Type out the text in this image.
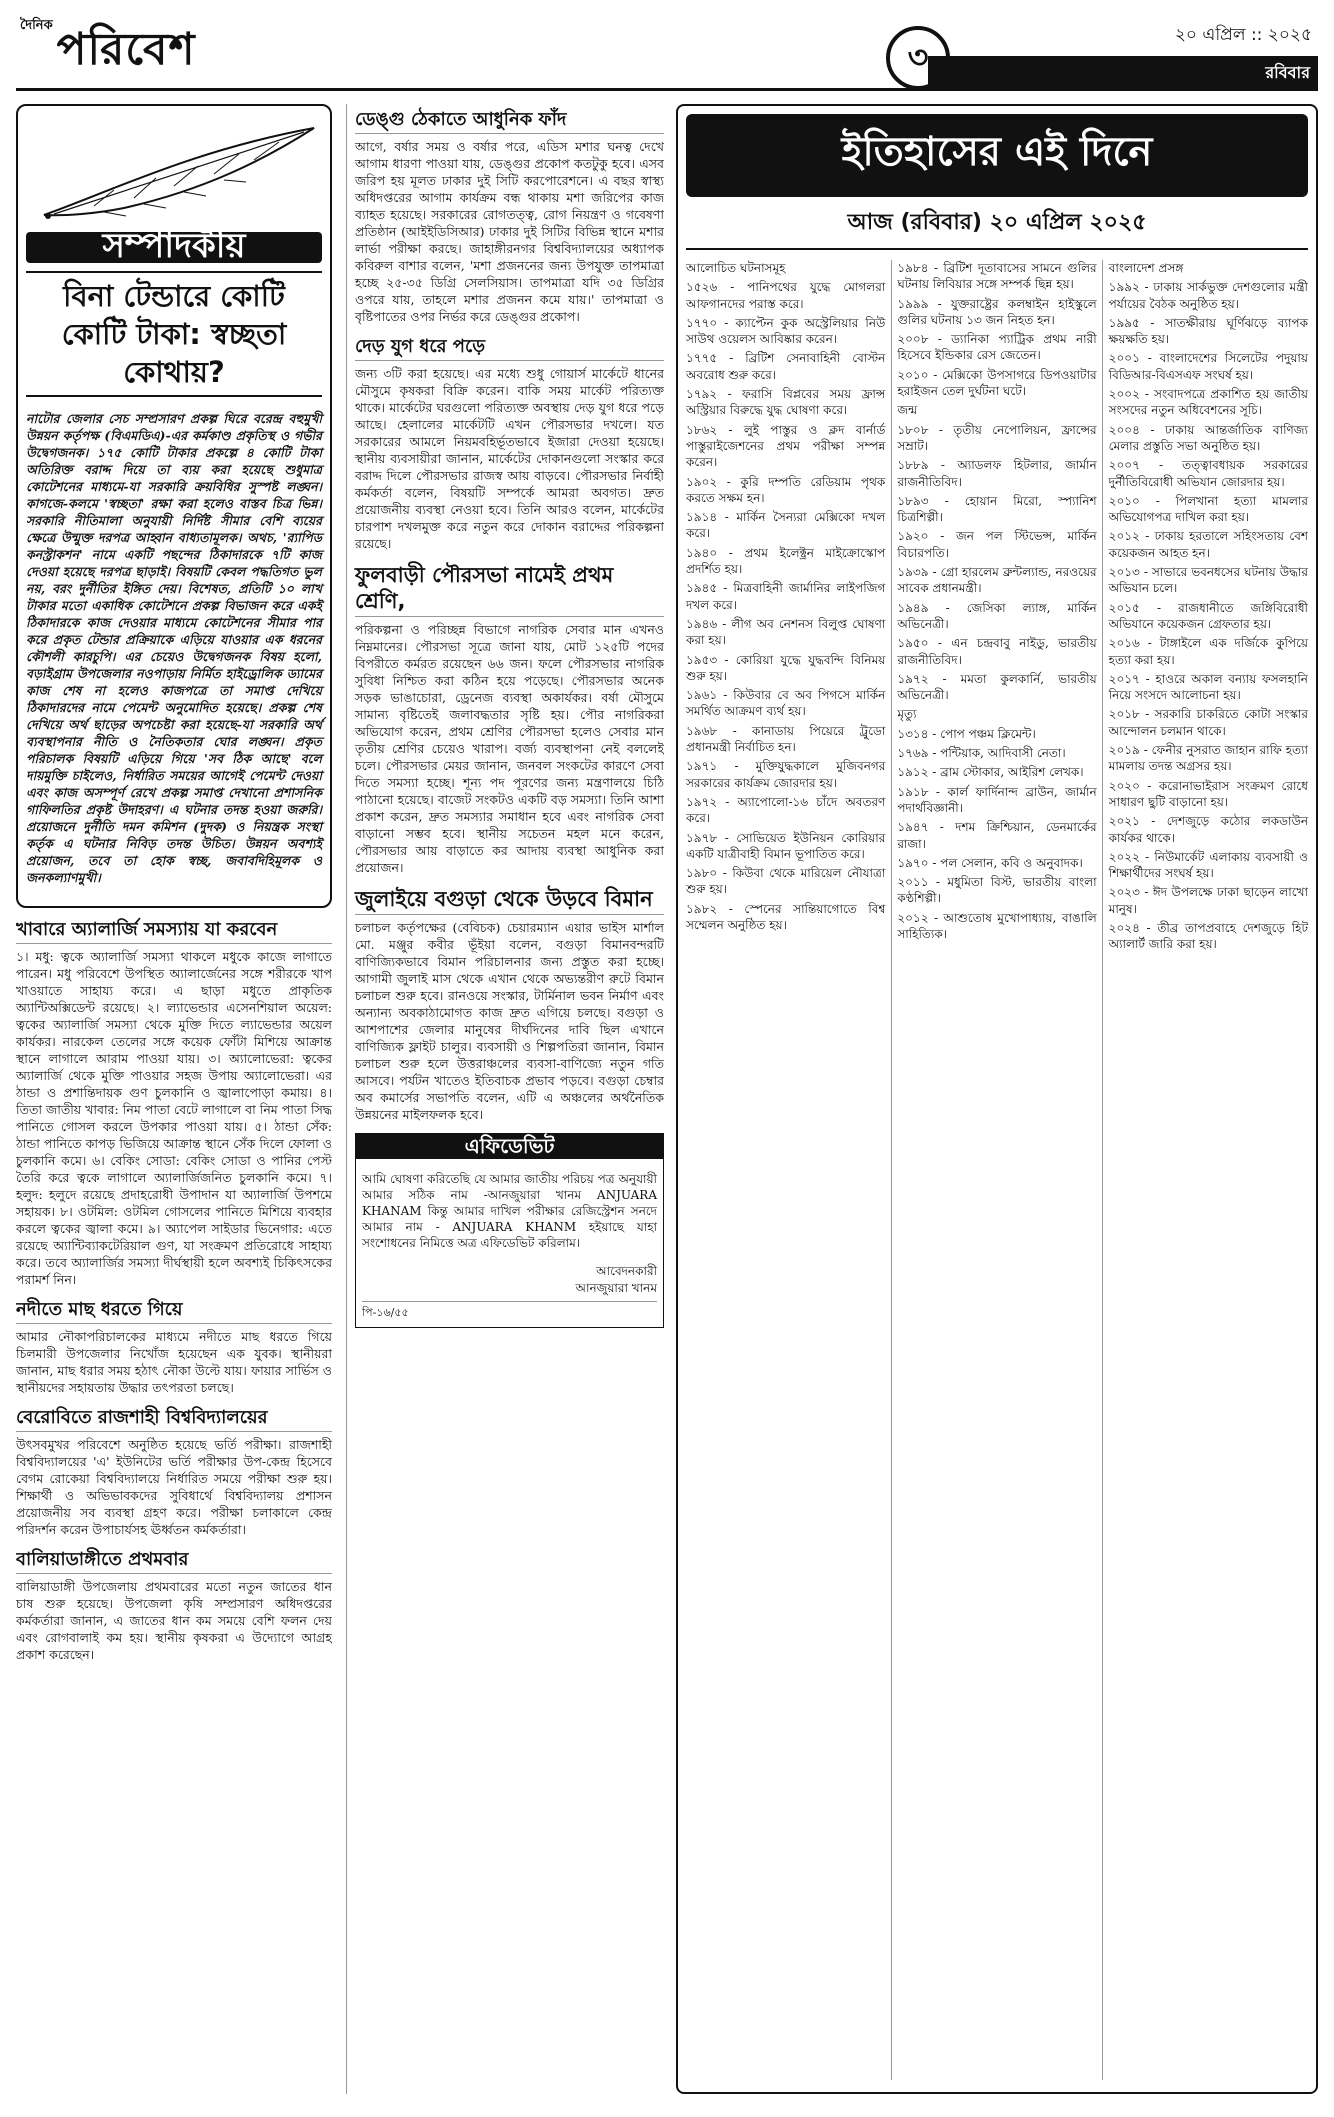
দৈনিকপরিবেশ	৩
২০ এপ্রিল :: ২০২৫
রবিবার
সম্পাদকীয়
বিনা টেন্ডারে কোটি কোটি টাকা: স্বচ্ছতা কোথায়?

নাটোর জেলার সেচ সম্প্রসারণ প্রকল্প ঘিরে বরেন্দ্র বহুমুখী উন্নয়ন কর্তৃপক্ষ (বিএমডিএ)-এর কর্মকাণ্ড প্রকৃতিস্থ ও গভীর উদ্বেগজনক। ১৭৫ কোটি টাকার প্রকল্পে ৪ কোটি টাকা অতিরিক্ত বরাদ্দ দিয়ে তা ব্যয় করা হয়েছে শুধুমাত্র কোটেশনের মাধ্যমে-যা সরকারি ক্রয়বিধির সুস্পষ্ট লঙ্ঘন। কাগজে-কলমে 'স্বচ্ছতা' রক্ষা করা হলেও বাস্তব চিত্র ভিন্ন। সরকারি নীতিমালা অনুযায়ী নির্দিষ্ট সীমার বেশি ব্যয়ের ক্ষেত্রে উন্মুক্ত দরপত্র আহ্বান বাধ্যতামূলক। অথচ, 'র‍্যাপিড কনস্ট্রাকশন' নামে একটি পছন্দের ঠিকাদারকে ৭টি কাজ দেওয়া হয়েছে দরপত্র ছাড়াই। বিষয়টি কেবল পদ্ধতিগত ভুল নয়, বরং দুর্নীতির ইঙ্গিত দেয়। বিশেষত, প্রতিটি ১০ লাখ টাকার মতো একাধিক কোটেশনে প্রকল্প বিভাজন করে একই ঠিকাদারকে কাজ দেওয়ার মাধ্যমে কোটেশনের সীমার পার করে প্রকৃত টেন্ডার প্রক্রিয়াকে এড়িয়ে যাওয়ার এক ধরনের কৌশলী কারচুপি। এর চেয়েও উদ্বেগজনক বিষয় হলো, বড়াইগ্রাম উপজেলার নওপাড়ায় নির্মিত হাইড্রোলিক ড্যামের কাজ শেষ না হলেও কাজপত্রে তা সমাপ্ত দেখিয়ে ঠিকাদারদের নামে পেমেন্ট অনুমোদিত হয়েছে। প্রকল্প শেষ দেখিয়ে অর্থ ছাড়ের অপচেষ্টা করা হয়েছে-যা সরকারি অর্থ ব্যবস্থাপনার নীতি ও নৈতিকতার ঘোর লঙ্ঘন। প্রকৃত পরিচালক বিষয়টি এড়িয়ে গিয়ে 'সব ঠিক আছে' বলে দায়মুক্তি চাইলেও, নির্ধারিত সময়ের আগেই পেমেন্ট দেওয়া এবং কাজ অসম্পূর্ণ রেখে প্রকল্প সমাপ্ত দেখানো প্রশাসনিক গাফিলতির প্রকৃষ্ট উদাহরণ। এ ঘটনার তদন্ত হওয়া জরুরি। প্রয়োজনে দুর্নীতি দমন কমিশন (দুদক) ও নিয়ন্ত্রক সংস্থা কর্তৃক এ ঘটনার নিবিড় তদন্ত উচিত। উন্নয়ন অবশ্যই প্রয়োজন, তবে তা হোক স্বচ্ছ, জবাবদিহিমূলক ও জনকল্যাণমুখী।

খাবারে অ্যালার্জি সমস্যায় যা করবেন

১। মধু: ত্বকে অ্যালার্জি সমস্যা থাকলে মধুকে কাজে লাগাতে পারেন। মধু পরিবেশে উপস্থিত অ্যালার্জেনের সঙ্গে শরীরকে খাপ খাওয়াতে সাহায্য করে। এ ছাড়া মধুতে প্রাকৃতিক অ্যান্টিঅক্সিডেন্ট রয়েছে। ২। ল্যাভেন্ডার এসেনশিয়াল অয়েল: ত্বকের অ্যালার্জি সমস্যা থেকে মুক্তি দিতে ল্যাভেন্ডার অয়েল কার্যকর। নারকেল তেলের সঙ্গে কয়েক ফোঁটা মিশিয়ে আক্রান্ত স্থানে লাগালে আরাম পাওয়া যায়। ৩। অ্যালোভেরা: ত্বকের অ্যালার্জি থেকে মুক্তি পাওয়ার সহজ উপায় অ্যালোভেরা। এর ঠান্ডা ও প্রশান্তিদায়ক গুণ চুলকানি ও জ্বালাপোড়া কমায়। ৪। তিতা জাতীয় খাবার: নিম পাতা বেটে লাগালে বা নিম পাতা সিদ্ধ পানিতে গোসল করলে উপকার পাওয়া যায়। ৫। ঠান্ডা সেঁক: ঠান্ডা পানিতে কাপড় ভিজিয়ে আক্রান্ত স্থানে সেঁক দিলে ফোলা ও চুলকানি কমে। ৬। বেকিং সোডা: বেকিং সোডা ও পানির পেস্ট তৈরি করে ত্বকে লাগালে অ্যালার্জিজনিত চুলকানি কমে। ৭। হলুদ: হলুদে রয়েছে প্রদাহরোধী উপাদান যা অ্যালার্জি উপশমে সহায়ক। ৮। ওটমিল: ওটমিল গোসলের পানিতে মিশিয়ে ব্যবহার করলে ত্বকের জ্বালা কমে। ৯। অ্যাপেল সাইডার ভিনেগার: এতে রয়েছে অ্যান্টিব্যাকটেরিয়াল গুণ, যা সংক্রমণ প্রতিরোধে সাহায্য করে। তবে অ্যালার্জির সমস্যা দীর্ঘস্থায়ী হলে অবশ্যই চিকিৎসকের পরামর্শ নিন।

নদীতে মাছ ধরতে গিয়ে

আমার নৌকাপরিচালকের মাধ্যমে নদীতে মাছ ধরতে গিয়ে চিলমারী উপজেলার নিখোঁজ হয়েছেন এক যুবক। স্থানীয়রা জানান, মাছ ধরার সময় হঠাৎ নৌকা উল্টে যায়। ফায়ার সার্ভিস ও স্থানীয়দের সহায়তায় উদ্ধার তৎপরতা চলছে।

বেরোবিতে রাজশাহী বিশ্ববিদ্যালয়ের

উৎসবমুখর পরিবেশে অনুষ্ঠিত হয়েছে ভর্তি পরীক্ষা। রাজশাহী বিশ্ববিদ্যালয়ের 'এ' ইউনিটের ভর্তি পরীক্ষার উপ-কেন্দ্র হিসেবে বেগম রোকেয়া বিশ্ববিদ্যালয়ে নির্ধারিত সময়ে পরীক্ষা শুরু হয়। শিক্ষার্থী ও অভিভাবকদের সুবিধার্থে বিশ্ববিদ্যালয় প্রশাসন প্রয়োজনীয় সব ব্যবস্থা গ্রহণ করে। পরীক্ষা চলাকালে কেন্দ্র পরিদর্শন করেন উপাচার্যসহ ঊর্ধ্বতন কর্মকর্তারা।

বালিয়াডাঙ্গীতে প্রথমবার

বালিয়াডাঙ্গী উপজেলায় প্রথমবারের মতো নতুন জাতের ধান চাষ শুরু হয়েছে। উপজেলা কৃষি সম্প্রসারণ অধিদপ্তরের কর্মকর্তারা জানান, এ জাতের ধান কম সময়ে বেশি ফলন দেয় এবং রোগবালাই কম হয়। স্থানীয় কৃষকরা এ উদ্যোগে আগ্রহ প্রকাশ করেছেন।

ডেঙ্গু ঠেকাতে আধুনিক ফাঁদ

আগে, বর্ষার সময় ও বর্ষার পরে, এডিস মশার ঘনত্ব দেখে আগাম ধারণা পাওয়া যায়, ডেঙ্গুর প্রকোপ কতটুকু হবে। এসব জরিপ হয় মূলত ঢাকার দুই সিটি করপোরেশনে। এ বছর স্বাস্থ্য অধিদপ্তরের আগাম কার্যক্রম বন্ধ থাকায় মশা জরিপের কাজ ব্যাহত হয়েছে। সরকারের রোগতত্ত্ব, রোগ নিয়ন্ত্রণ ও গবেষণা প্রতিষ্ঠান (আইইডিসিআর) ঢাকার দুই সিটির বিভিন্ন স্থানে মশার লার্ভা পরীক্ষা করছে। জাহাঙ্গীরনগর বিশ্ববিদ্যালয়ের অধ্যাপক কবিরুল বাশার বলেন, 'মশা প্রজননের জন্য উপযুক্ত তাপমাত্রা হচ্ছে ২৫-৩৫ ডিগ্রি সেলসিয়াস। তাপমাত্রা যদি ৩৫ ডিগ্রির ওপরে যায়, তাহলে মশার প্রজনন কমে যায়।' তাপমাত্রা ও বৃষ্টিপাতের ওপর নির্ভর করে ডেঙ্গুর প্রকোপ।

দেড় যুগ ধরে পড়ে

জন্য ৩টি করা হয়েছে। এর মধ্যে শুধু গোয়ার্স মার্কেটে ধানের মৌসুমে কৃষকরা বিক্রি করেন। বাকি সময় মার্কেট পরিত্যক্ত থাকে। মার্কেটের ঘরগুলো পরিত্যক্ত অবস্থায় দেড় যুগ ধরে পড়ে আছে। হেলালের মার্কেটটি এখন পৌরসভার দখলে। যত সরকারের আমলে নিয়মবহির্ভূতভাবে ইজারা দেওয়া হয়েছে। স্থানীয় ব্যবসায়ীরা জানান, মার্কেটের দোকানগুলো সংস্কার করে বরাদ্দ দিলে পৌরসভার রাজস্ব আয় বাড়বে। পৌরসভার নির্বাহী কর্মকর্তা বলেন, বিষয়টি সম্পর্কে আমরা অবগত। দ্রুত প্রয়োজনীয় ব্যবস্থা নেওয়া হবে। তিনি আরও বলেন, মার্কেটের চারপাশ দখলমুক্ত করে নতুন করে দোকান বরাদ্দের পরিকল্পনা রয়েছে।

ফুলবাড়ী পৌরসভা নামেই প্রথম শ্রেণি,

পরিকল্পনা ও পরিচ্ছন্ন বিভাগে নাগরিক সেবার মান এখনও নিম্নমানের। পৌরসভা সূত্রে জানা যায়, মোট ১২৫টি পদের বিপরীতে কর্মরত রয়েছেন ৬৬ জন। ফলে পৌরসভার নাগরিক সুবিধা নিশ্চিত করা কঠিন হয়ে পড়েছে। পৌরসভার অনেক সড়ক ভাঙাচোরা, ড্রেনেজ ব্যবস্থা অকার্যকর। বর্ষা মৌসুমে সামান্য বৃষ্টিতেই জলাবদ্ধতার সৃষ্টি হয়। পৌর নাগরিকরা অভিযোগ করেন, প্রথম শ্রেণির পৌরসভা হলেও সেবার মান তৃতীয় শ্রেণির চেয়েও খারাপ। বর্জ্য ব্যবস্থাপনা নেই বললেই চলে। পৌরসভার মেয়র জানান, জনবল সংকটের কারণে সেবা দিতে সমস্যা হচ্ছে। শূন্য পদ পূরণের জন্য মন্ত্রণালয়ে চিঠি পাঠানো হয়েছে। বাজেট সংকটও একটি বড় সমস্যা। তিনি আশা প্রকাশ করেন, দ্রুত সমস্যার সমাধান হবে এবং নাগরিক সেবা বাড়ানো সম্ভব হবে। স্থানীয় সচেতন মহল মনে করেন, পৌরসভার আয় বাড়াতে কর আদায় ব্যবস্থা আধুনিক করা প্রয়োজন।

জুলাইয়ে বগুড়া থেকে উড়বে বিমান

চলাচল কর্তৃপক্ষের (বেবিচক) চেয়ারম্যান এয়ার ভাইস মার্শাল মো. মঞ্জুর কবীর ভূঁইয়া বলেন, বগুড়া বিমানবন্দরটি বাণিজ্যিকভাবে বিমান পরিচালনার জন্য প্রস্তুত করা হচ্ছে। আগামী জুলাই মাস থেকে এখান থেকে অভ্যন্তরীণ রুটে বিমান চলাচল শুরু হবে। রানওয়ে সংস্কার, টার্মিনাল ভবন নির্মাণ এবং অন্যান্য অবকাঠামোগত কাজ দ্রুত এগিয়ে চলছে। বগুড়া ও আশপাশের জেলার মানুষের দীর্ঘদিনের দাবি ছিল এখানে বাণিজ্যিক ফ্লাইট চালুর। ব্যবসায়ী ও শিল্পপতিরা জানান, বিমান চলাচল শুরু হলে উত্তরাঞ্চলের ব্যবসা-বাণিজ্যে নতুন গতি আসবে। পর্যটন খাতেও ইতিবাচক প্রভাব পড়বে। বগুড়া চেম্বার অব কমার্সের সভাপতি বলেন, এটি এ অঞ্চলের অর্থনৈতিক উন্নয়নের মাইলফলক হবে।

এফিডেভিট

আমি ঘোষণা করিতেছি যে আমার জাতীয় পরিচয় পত্র অনুযায়ী আমার সঠিক নাম -আনজুয়ারা খানম ANJUARA KHANAM কিন্তু আমার দাখিল পরীক্ষার রেজিস্ট্রেশন সনদে আমার নাম - ANJUARA KHANM হইয়াছে যাহা সংশোধনের নিমিত্তে অত্র এফিডেভিট করিলাম।

আবেদনকারী
আনজুয়ারা খানম
পি-১৬/৫৫
ইতিহাসের এই দিনে
আজ (রবিবার) ২০ এপ্রিল ২০২৫

আলোচিত ঘটনাসমূহ

১৫২৬ - পানিপথের যুদ্ধে মোগলরা আফগানদের পরাস্ত করে।

১৭৭০ - ক্যাপ্টেন কুক অস্ট্রেলিয়ার নিউ সাউথ ওয়েলস আবিষ্কার করেন।

১৭৭৫ - ব্রিটিশ সেনাবাহিনী বোস্টন অবরোধ শুরু করে।

১৭৯২ - ফরাসি বিপ্লবের সময় ফ্রান্স অস্ট্রিয়ার বিরুদ্ধে যুদ্ধ ঘোষণা করে।

১৮৬২ - লুই পাস্তুর ও ক্লদ বার্নার্ড পাস্তুরাইজেশনের প্রথম পরীক্ষা সম্পন্ন করেন।

১৯০২ - কুরি দম্পতি রেডিয়াম পৃথক করতে সক্ষম হন।

১৯১৪ - মার্কিন সৈন্যরা মেক্সিকো দখল করে।

১৯৪০ - প্রথম ইলেক্ট্রন মাইক্রোস্কোপ প্রদর্শিত হয়।

১৯৪৫ - মিত্রবাহিনী জার্মানির লাইপজিগ দখল করে।

১৯৪৬ - লীগ অব নেশনস বিলুপ্ত ঘোষণা করা হয়।

১৯৫৩ - কোরিয়া যুদ্ধে যুদ্ধবন্দি বিনিময় শুরু হয়।

১৯৬১ - কিউবার বে অব পিগসে মার্কিন সমর্থিত আক্রমণ ব্যর্থ হয়।

১৯৬৮ - কানাডায় পিয়েরে ট্রুডো প্রধানমন্ত্রী নির্বাচিত হন।

১৯৭১ - মুক্তিযুদ্ধকালে মুজিবনগর সরকারের কার্যক্রম জোরদার হয়।

১৯৭২ - অ্যাপোলো-১৬ চাঁদে অবতরণ করে।

১৯৭৮ - সোভিয়েত ইউনিয়ন কোরিয়ার একটি যাত্রীবাহী বিমান ভূপাতিত করে।

১৯৮০ - কিউবা থেকে মারিয়েল নৌযাত্রা শুরু হয়।

১৯৮২ - স্পেনের সান্তিয়াগোতে বিশ্ব সম্মেলন অনুষ্ঠিত হয়।

১৯৮৪ - ব্রিটিশ দূতাবাসের সামনে গুলির ঘটনায় লিবিয়ার সঙ্গে সম্পর্ক ছিন্ন হয়।

১৯৯৯ - যুক্তরাষ্ট্রের কলম্বাইন হাইস্কুলে গুলির ঘটনায় ১৩ জন নিহত হন।

২০০৮ - ড্যানিকা প্যাট্রিক প্রথম নারী হিসেবে ইন্ডিকার রেস জেতেন।

২০১০ - মেক্সিকো উপসাগরে ডিপওয়াটার হরাইজন তেল দুর্ঘটনা ঘটে।

জন্ম

১৮০৮ - তৃতীয় নেপোলিয়ন, ফ্রান্সের সম্রাট।

১৮৮৯ - অ্যাডলফ হিটলার, জার্মান রাজনীতিবিদ।

১৮৯৩ - হোয়ান মিরো, স্প্যানিশ চিত্রশিল্পী।

১৯২০ - জন পল স্টিভেন্স, মার্কিন বিচারপতি।

১৯৩৯ - গ্রো হারলেম ব্রুন্টল্যান্ড, নরওয়ের সাবেক প্রধানমন্ত্রী।

১৯৪৯ - জেসিকা ল্যাঙ্গ, মার্কিন অভিনেত্রী।

১৯৫০ - এন চন্দ্রবাবু নাইডু, ভারতীয় রাজনীতিবিদ।

১৯৭২ - মমতা কুলকার্নি, ভারতীয় অভিনেত্রী।

মৃত্যু

১৩১৪ - পোপ পঞ্চম ক্লিমেন্ট।

১৭৬৯ - পন্টিয়াক, আদিবাসী নেতা।

১৯১২ - ব্রাম স্টোকার, আইরিশ লেখক।

১৯১৮ - কার্ল ফার্দিনান্দ ব্রাউন, জার্মান পদার্থবিজ্ঞানী।

১৯৪৭ - দশম ক্রিশ্চিয়ান, ডেনমার্কের রাজা।

১৯৭০ - পল সেলান, কবি ও অনুবাদক।

২০১১ - মধুমিতা বিস্ট, ভারতীয় বাংলা কণ্ঠশিল্পী।

২০১২ - আশুতোষ মুখোপাধ্যায়, বাঙালি সাহিত্যিক।

বাংলাদেশ প্রসঙ্গ

১৯৯২ - ঢাকায় সার্কভুক্ত দেশগুলোর মন্ত্রী পর্যায়ের বৈঠক অনুষ্ঠিত হয়।

১৯৯৫ - সাতক্ষীরায় ঘূর্ণিঝড়ে ব্যাপক ক্ষয়ক্ষতি হয়।

২০০১ - বাংলাদেশের সিলেটের পদুয়ায় বিডিআর-বিএসএফ সংঘর্ষ হয়।

২০০২ - সংবাদপত্রে প্রকাশিত হয় জাতীয় সংসদের নতুন অধিবেশনের সূচি।

২০০৪ - ঢাকায় আন্তর্জাতিক বাণিজ্য মেলার প্রস্তুতি সভা অনুষ্ঠিত হয়।

২০০৭ - তত্ত্বাবধায়ক সরকারের দুর্নীতিবিরোধী অভিযান জোরদার হয়।

২০১০ - পিলখানা হত্যা মামলার অভিযোগপত্র দাখিল করা হয়।

২০১২ - ঢাকায় হরতালে সহিংসতায় বেশ কয়েকজন আহত হন।

২০১৩ - সাভারে ভবনধসের ঘটনায় উদ্ধার অভিযান চলে।

২০১৫ - রাজধানীতে জঙ্গিবিরোধী অভিযানে কয়েকজন গ্রেফতার হয়।

২০১৬ - টাঙ্গাইলে এক দর্জিকে কুপিয়ে হত্যা করা হয়।

২০১৭ - হাওরে অকাল বন্যায় ফসলহানি নিয়ে সংসদে আলোচনা হয়।

২০১৮ - সরকারি চাকরিতে কোটা সংস্কার আন্দোলন চলমান থাকে।

২০১৯ - ফেনীর নুসরাত জাহান রাফি হত্যা মামলায় তদন্ত অগ্রসর হয়।

২০২০ - করোনাভাইরাস সংক্রমণ রোধে সাধারণ ছুটি বাড়ানো হয়।

২০২১ - দেশজুড়ে কঠোর লকডাউন কার্যকর থাকে।

২০২২ - নিউমার্কেট এলাকায় ব্যবসায়ী ও শিক্ষার্থীদের সংঘর্ষ হয়।

২০২৩ - ঈদ উপলক্ষে ঢাকা ছাড়েন লাখো মানুষ।

২০২৪ - তীব্র তাপপ্রবাহে দেশজুড়ে হিট অ্যালার্ট জারি করা হয়।
